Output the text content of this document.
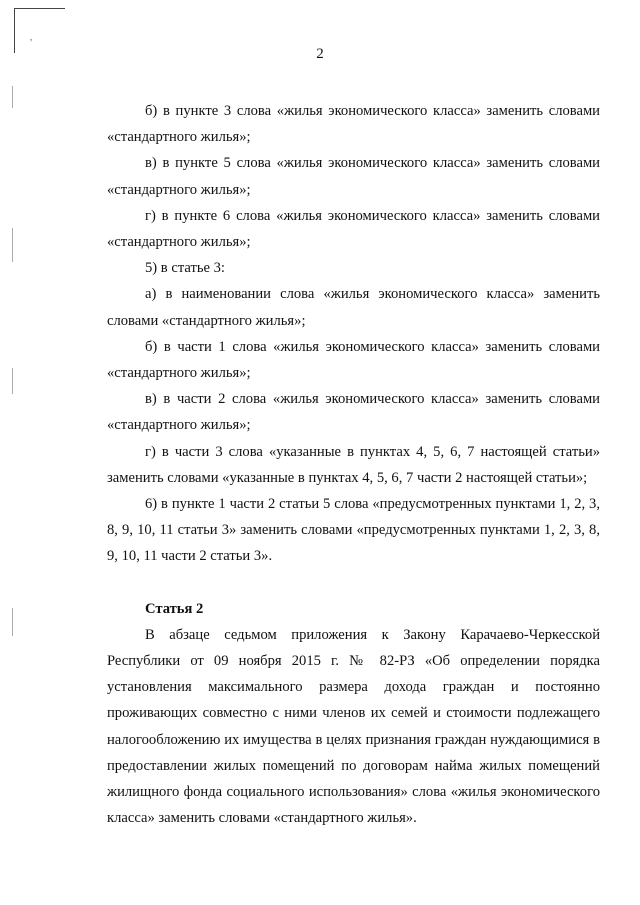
,
2

б) в пункте 3 слова «жилья экономического класса» заменить словами «стандартного жилья»;

в) в пункте 5 слова «жилья экономического класса» заменить словами «стандартного жилья»;

г) в пункте 6 слова «жилья экономического класса» заменить словами «стандартного жилья»;

5) в статье 3:

а) в наименовании слова «жилья экономического класса» заменить словами «стандартного жилья»;

б) в части 1 слова «жилья экономического класса» заменить словами «стандартного жилья»;

в) в части 2 слова «жилья экономического класса» заменить словами «стандартного жилья»;

г) в части 3 слова «указанные в пунктах 4, 5, 6, 7 настоящей статьи» заменить словами «указанные в пунктах 4, 5, 6, 7 части 2 настоящей статьи»;

6) в пункте 1 части 2 статьи 5 слова «предусмотренных пунктами 1, 2, 3, 8, 9, 10, 11 статьи 3» заменить словами «предусмотренных пунктами 1, 2, 3, 8, 9, 10, 11 части 2 статьи 3».

Статья 2

В абзаце седьмом приложения к Закону Карачаево-Черкесской Республики от 09 ноября 2015 г. № 82-РЗ «Об определении порядка установления максимального размера дохода граждан и постоянно проживающих совместно с ними членов их семей и стоимости подлежащего налогообложению их имущества в целях признания граждан нуждающимися в предоставлении жилых помещений по договорам найма жилых помещений жилищного фонда социального использования» слова «жилья экономического класса» заменить словами «стандартного жилья».
